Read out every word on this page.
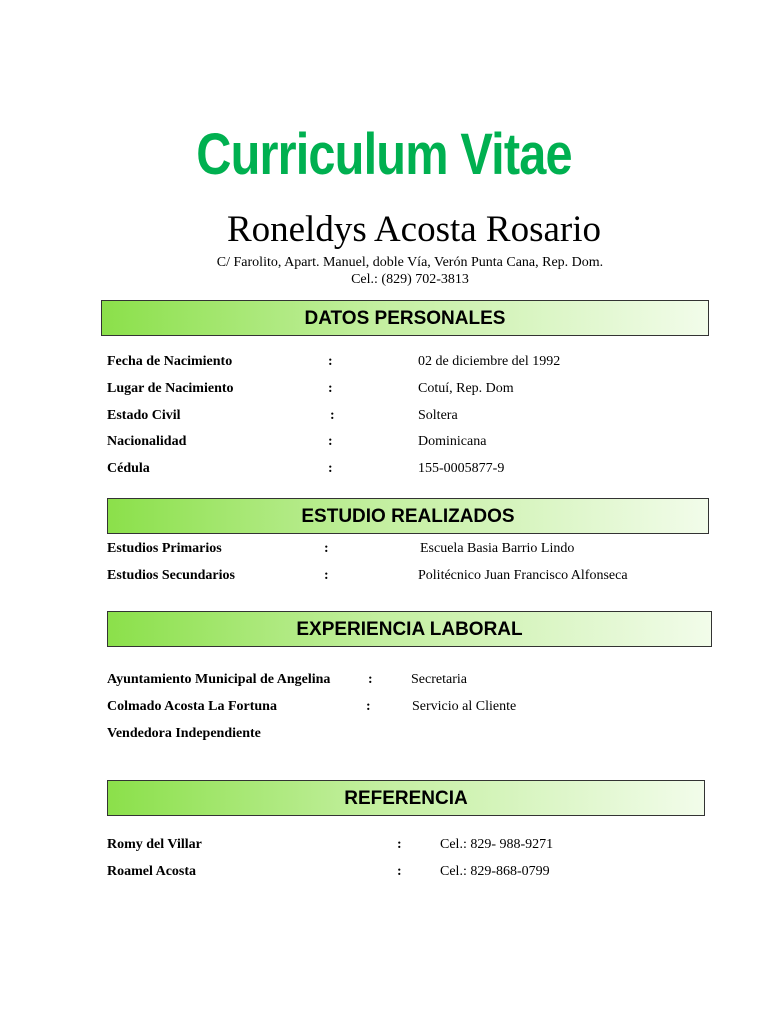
Curriculum Vitae
Roneldys Acosta Rosario
C/ Farolito, Apart. Manuel, doble Vía, Verón Punta Cana, Rep. Dom.
Cel.: (829) 702-3813
DATOS PERSONALES
Fecha de Nacimiento	:	02 de diciembre del 1992
Lugar de Nacimiento	:	Cotuí, Rep. Dom
Estado Civil	:	Soltera
Nacionalidad	:	Dominicana
Cédula	:	155-0005877-9
ESTUDIO REALIZADOS
Estudios Primarios	:	Escuela Basia Barrio Lindo
Estudios Secundarios	:	Politécnico Juan Francisco Alfonseca
EXPERIENCIA LABORAL
Ayuntamiento Municipal de Angelina	:	Secretaria
Colmado Acosta La Fortuna	:	Servicio al Cliente
Vendedora Independiente
REFERENCIA
Romy del Villar	:	Cel.: 829- 988-9271
Roamel Acosta	:	Cel.: 829-868-0799
